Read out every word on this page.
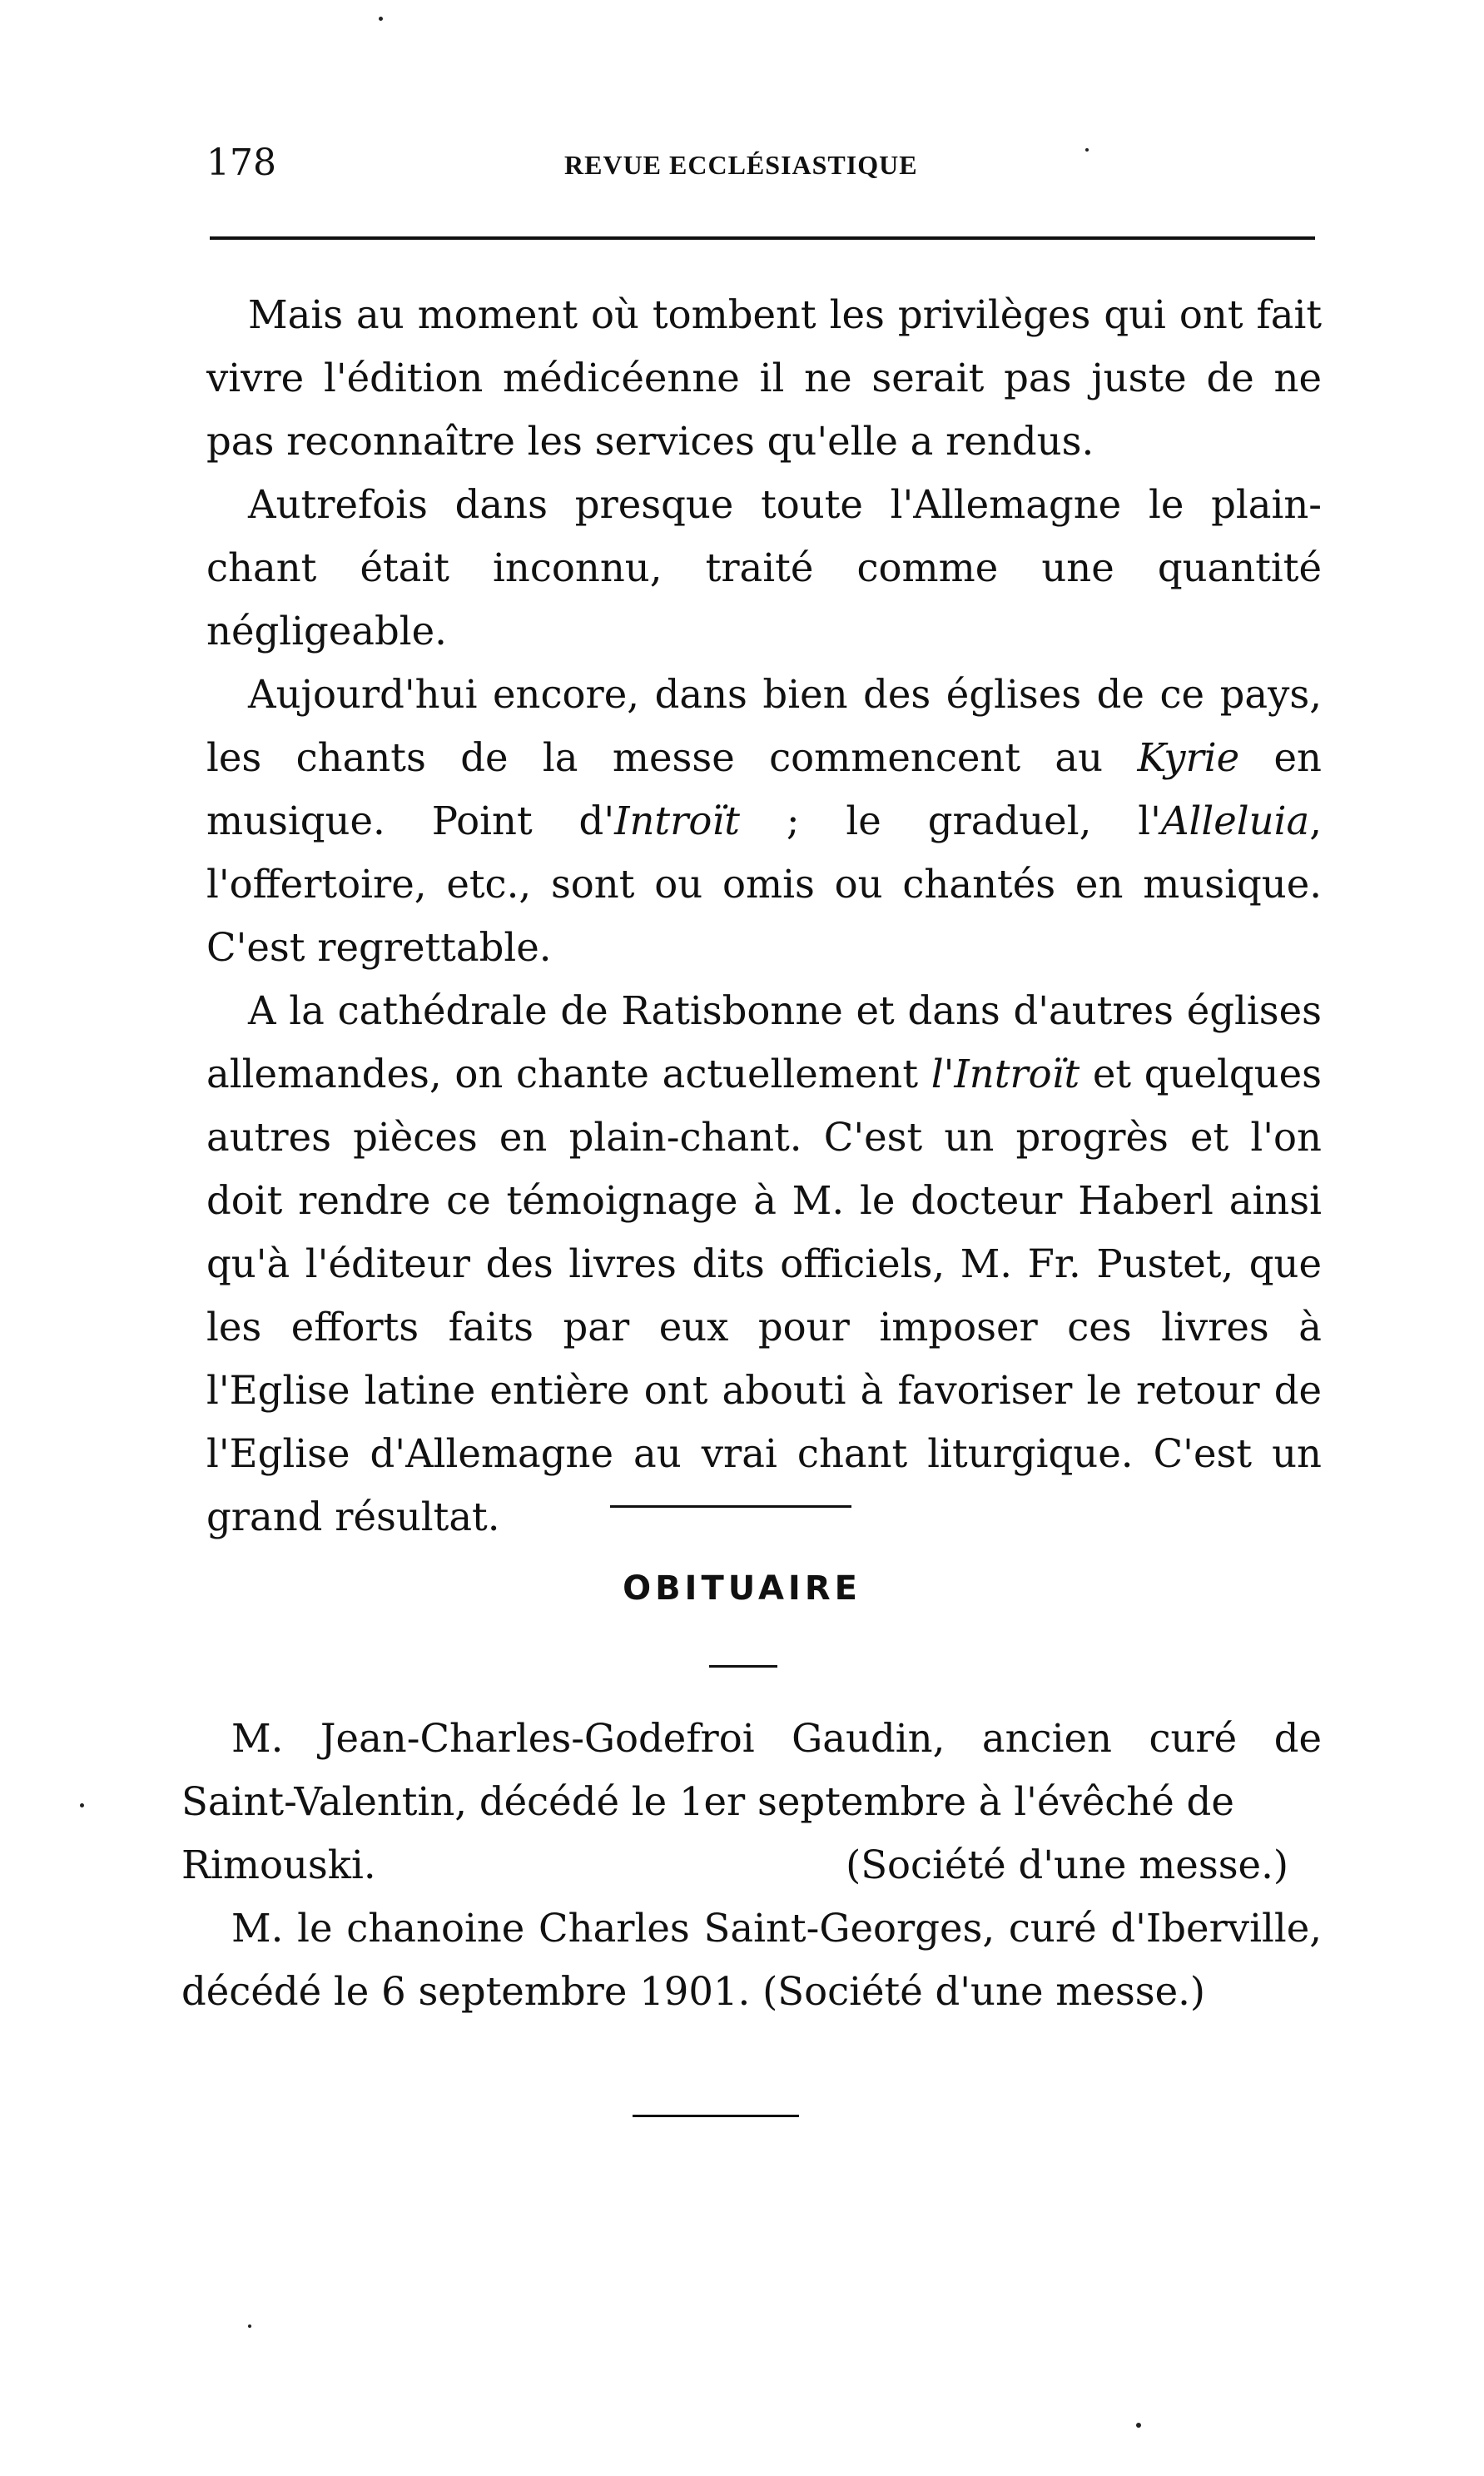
178	REVUE ECCLÉSIASTIQUE

Mais au moment où tombent les privilèges qui ont fait vivre l'édition médicéenne il ne serait pas juste de ne pas reconnaître les services qu'elle a rendus.

Autrefois dans presque toute l'Allemagne le plain-chant était inconnu, traité comme une quantité négligeable.

Aujourd'hui encore, dans bien des églises de ce pays, les chants de la messe commencent au Kyrie en musique. Point d'Introït ; le graduel, l'Alleluia, l'offertoire, etc., sont ou omis ou chantés en musique. C'est regrettable.

A la cathédrale de Ratisbonne et dans d'autres églises allemandes, on chante actuellement l'Introït et quelques autres pièces en plain-chant. C'est un progrès et l'on doit rendre ce témoignage à M. le docteur Haberl ainsi qu'à l'éditeur des livres dits officiels, M. Fr. Pustet, que les efforts faits par eux pour imposer ces livres à l'Eglise latine entière ont abouti à favoriser le retour de l'Eglise d'Allemagne au vrai chant liturgique. C'est un grand résultat.

OBITUAIRE

M. Jean-Charles-Godefroi Gaudin, ancien curé de Saint-Valentin, décédé le 1er septembre à l'évêché de

Rimouski.	(Société d'une messe.)

M. le chanoine Charles Saint-Georges, curé d'Iberville, décédé le 6 septembre 1901. (Société d'une messe.)
